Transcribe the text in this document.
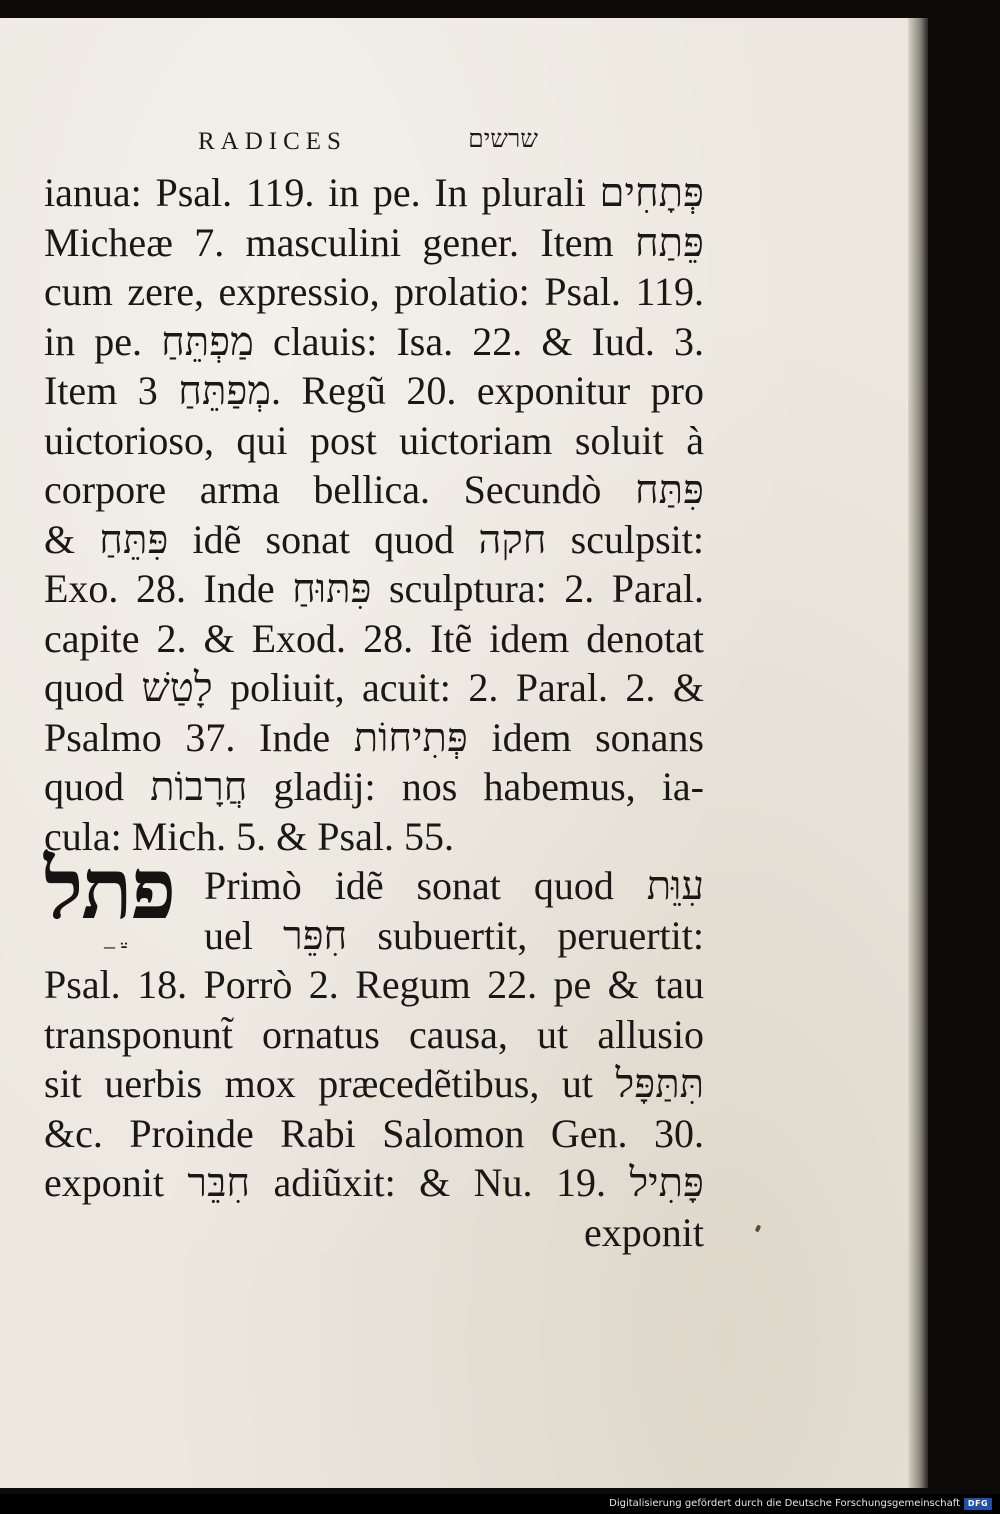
RADICES	שרשים
ianua: Psal. 119. in pe. In plurali פְּתָחִים
Micheæ 7. masculini gener. Item פֵּתַח
cum zere, expressio, prolatio: Psal. 119.
in pe. מַפְתֵּחַ clauis: Isa. 22. & Iud. 3.
Item מְפַתֵּחַ 3. Regũ 20. exponitur pro
uictorioso, qui post uictoriam soluit à
corpore arma bellica. Secundò פִּתַּח
& פִּתֵּחַ idẽ sonat quod חקה sculpsit:
Exo. 28. Inde פִּתּוּחַ sculptura: 2. Paral.
capite 2. & Exod. 28. Itẽ idem denotat
quod לָטַשׁ poliuit, acuit: 2. Paral. 2. &
Psalmo 37. Inde פְּתִיחוֹת idem sonans
quod חֲרָבוֹת gladĳ: nos habemus, ia-
cula: Mich. 5. & Psal. 55.
Primò idẽ sonat quod עִוֵּת
uel חִפֵּר subuertit, peruertit:
Psal. 18. Porrò 2. Regum 22. pe & tau
transponunt̃ ornatus causa, ut allusio
sit uerbis mox præcedẽtibus, ut תִּתַּפָּל
&c. Proinde Rabi Salomon Gen. 30.
exponit חִבֵּר adiũxit: & Nu. 19. פָּתִיל
exponit
פתל
– ⸚
Digitalisierung gefördert durch die Deutsche Forschungsgemeinschaft DFG
